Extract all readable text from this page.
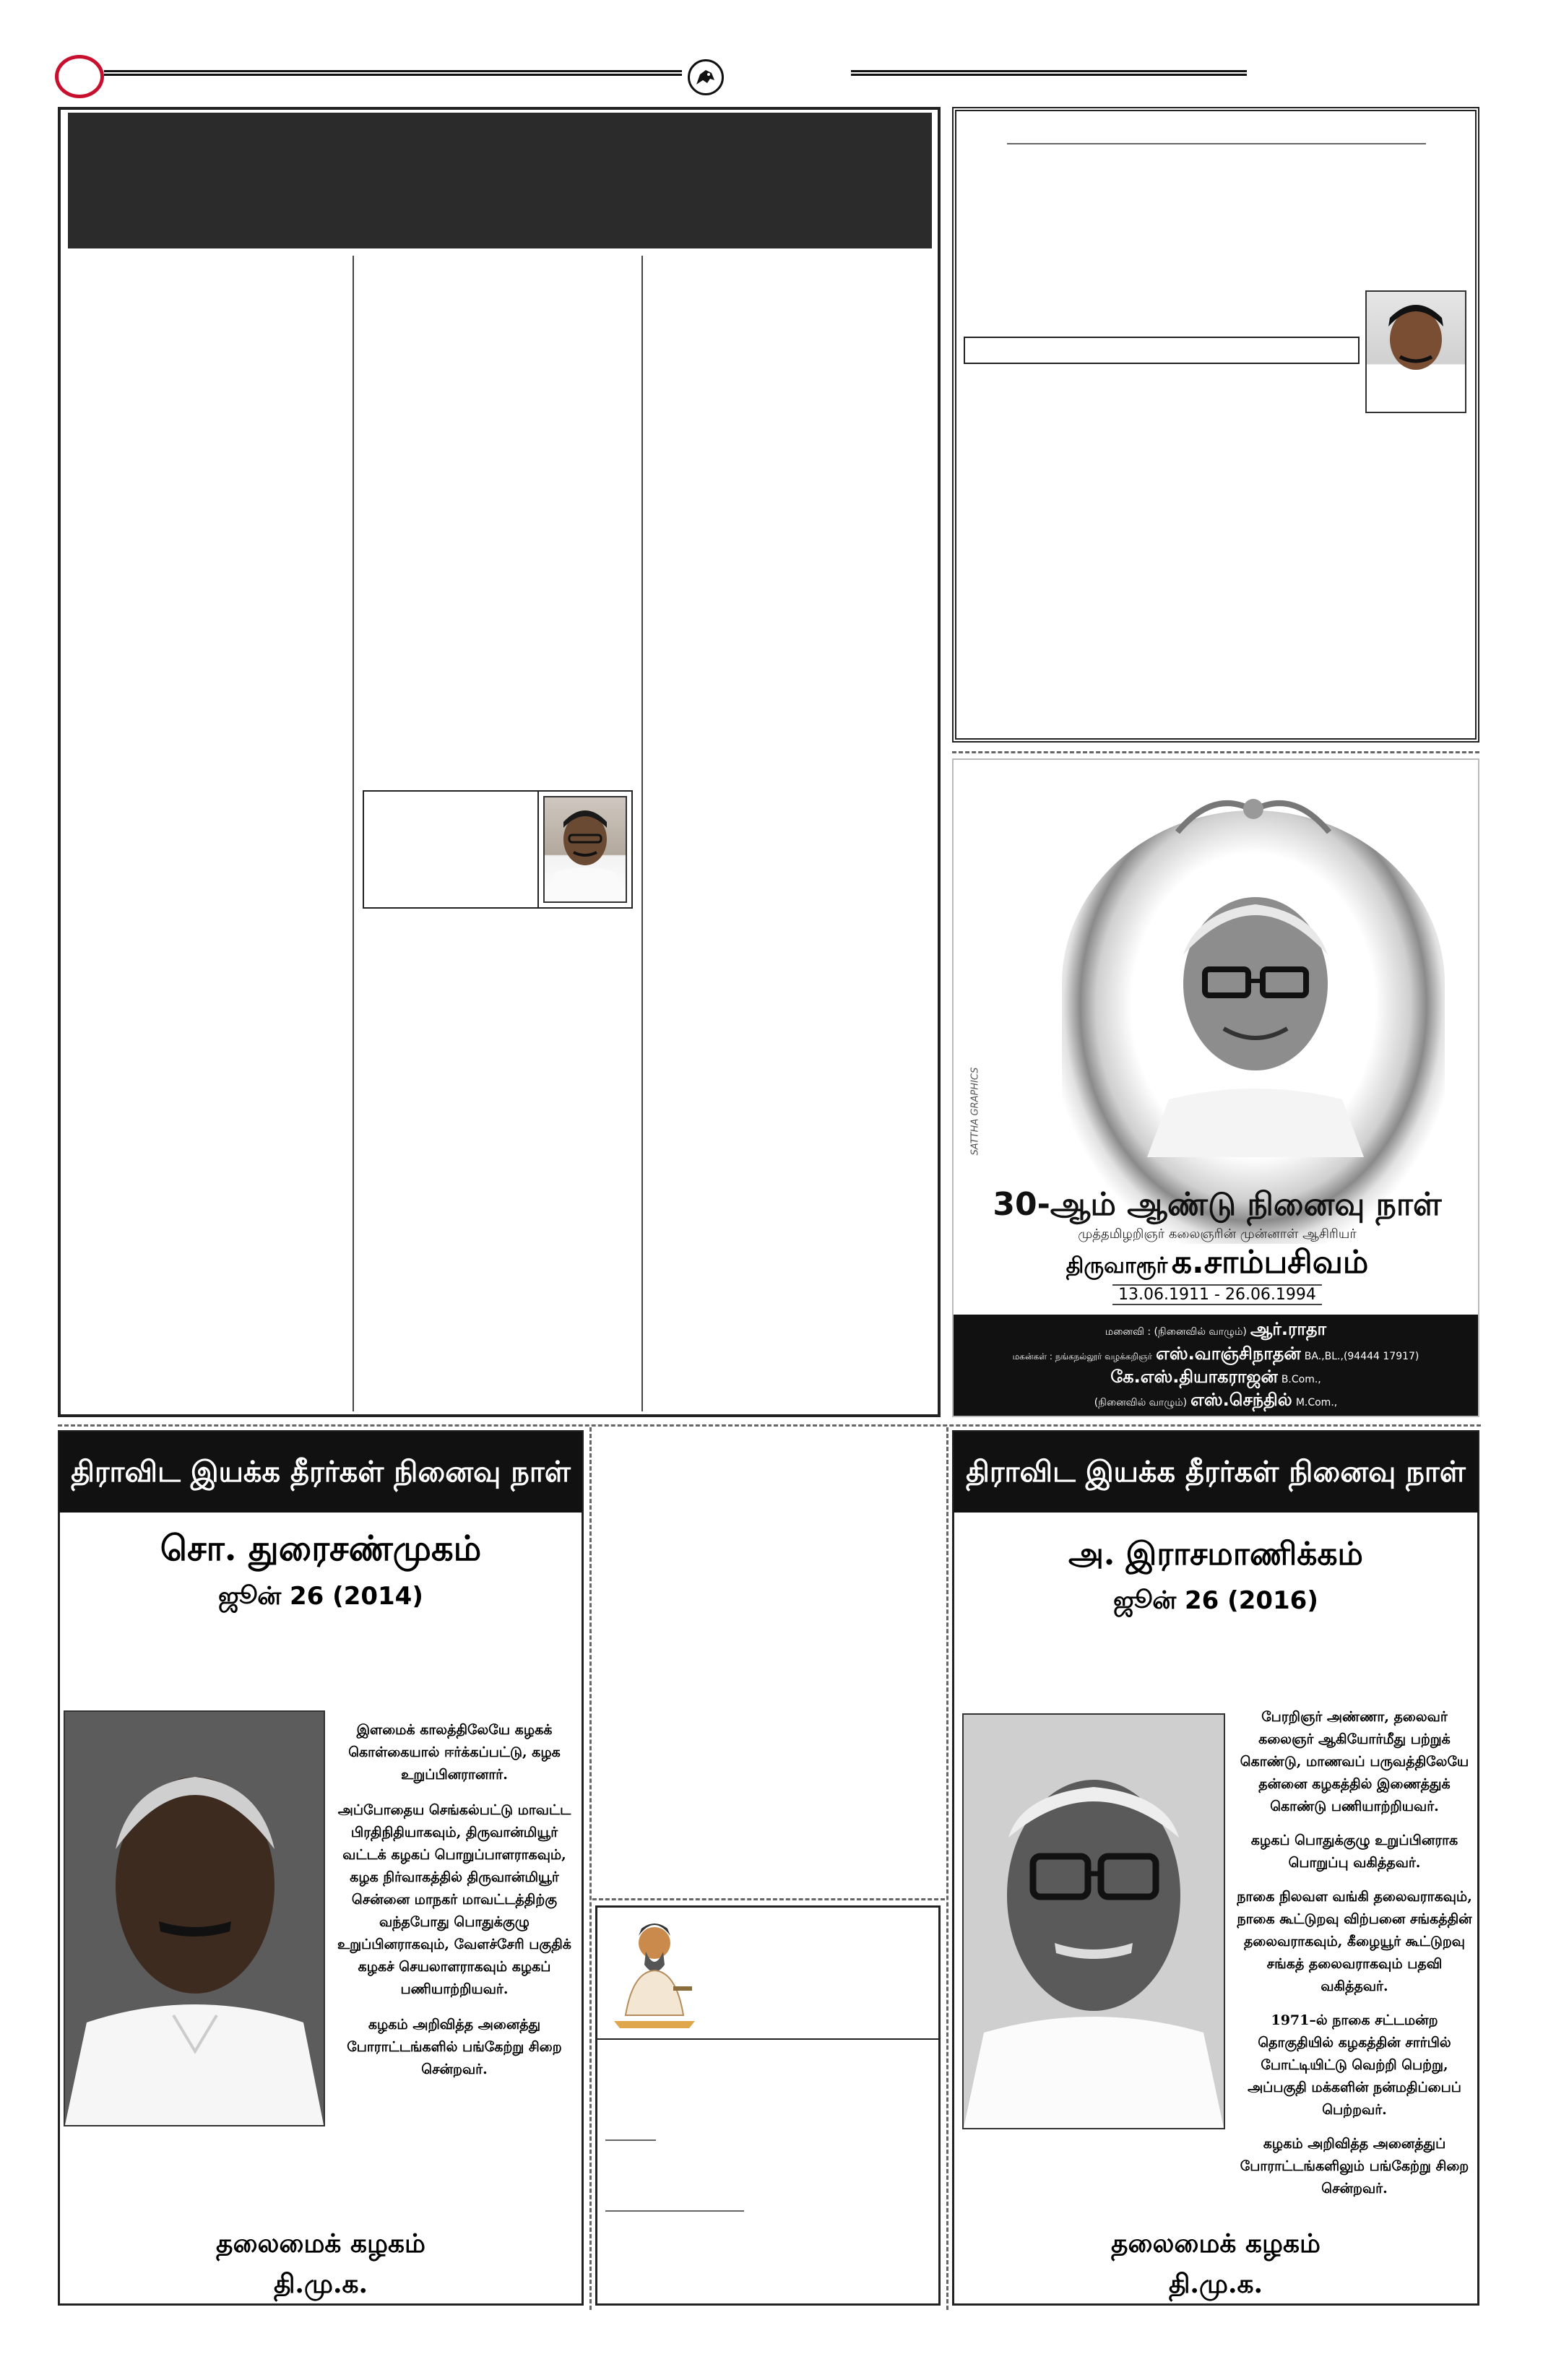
SATTHA GRAPHICS
30-ஆம் ஆண்டு நினைவு நாள்
முத்தமிழறிஞர் கலைஞரின் முன்னாள் ஆசிரியர்
திருவாரூர் க.சாம்பசிவம்
13.06.1911 - 26.06.1994
மனைவி : (நினைவில் வாழும்) ஆர்.ராதா
மகன்கள் : நங்கநல்லூர் வழக்கறிஞர் எஸ்.வாஞ்சிநாதன் BA.,BL.,(94444 17917)
கே.எஸ்.தியாகராஜன் B.Com.,
(நினைவில் வாழும்) எஸ்.செந்தில் M.Com.,
திராவிட இயக்க தீரர்கள் நினைவு நாள்
சொ. துரைசண்முகம்
ஜூன் 26 (2014)

இளமைக் காலத்திலேயே கழகக் கொள்கையால் ஈர்க்கப்பட்டு, கழக உறுப்பினரானார்.

அப்போதைய செங்கல்பட்டு மாவட்ட பிரதிநிதியாகவும், திருவான்மியூர் வட்டக் கழகப் பொறுப்பாளராகவும், கழக நிர்வாகத்தில் திருவான்மியூர் சென்னை மாநகர் மாவட்டத்திற்கு வந்தபோது பொதுக்குழு உறுப்பினராகவும், வேளச்சேரி பகுதிக் கழகச் செயலாளராகவும் கழகப் பணியாற்றியவர்.

கழகம் அறிவித்த அனைத்து போராட்டங்களில் பங்கேற்று சிறை சென்றவர்.

தலைமைக் கழகம்
தி.மு.க.
திராவிட இயக்க தீரர்கள் நினைவு நாள்
அ. இராசமாணிக்கம்
ஜூன் 26 (2016)

பேரறிஞர் அண்ணா, தலைவர் கலைஞர் ஆகியோர்மீது பற்றுக் கொண்டு, மாணவப் பருவத்திலேயே தன்னை கழகத்தில் இணைத்துக் கொண்டு பணியாற்றியவர்.

கழகப் பொதுக்குழு உறுப்பினராக பொறுப்பு வகித்தவர்.

நாகை நிலவள வங்கி தலைவராகவும், நாகை கூட்டுறவு விற்பனை சங்கத்தின் தலைவராகவும், கீழையூர் கூட்டுறவு சங்கத் தலைவராகவும் பதவி வகித்தவர்.

1971–ல் நாகை சட்டமன்ற தொகுதியில் கழகத்தின் சார்பில் போட்டியிட்டு வெற்றி பெற்று, அப்பகுதி மக்களின் நன்மதிப்பைப் பெற்றவர்.

கழகம் அறிவித்த அனைத்துப் போராட்டங்களிலும் பங்கேற்று சிறை சென்றவர்.

தலைமைக் கழகம்
தி.மு.க.
